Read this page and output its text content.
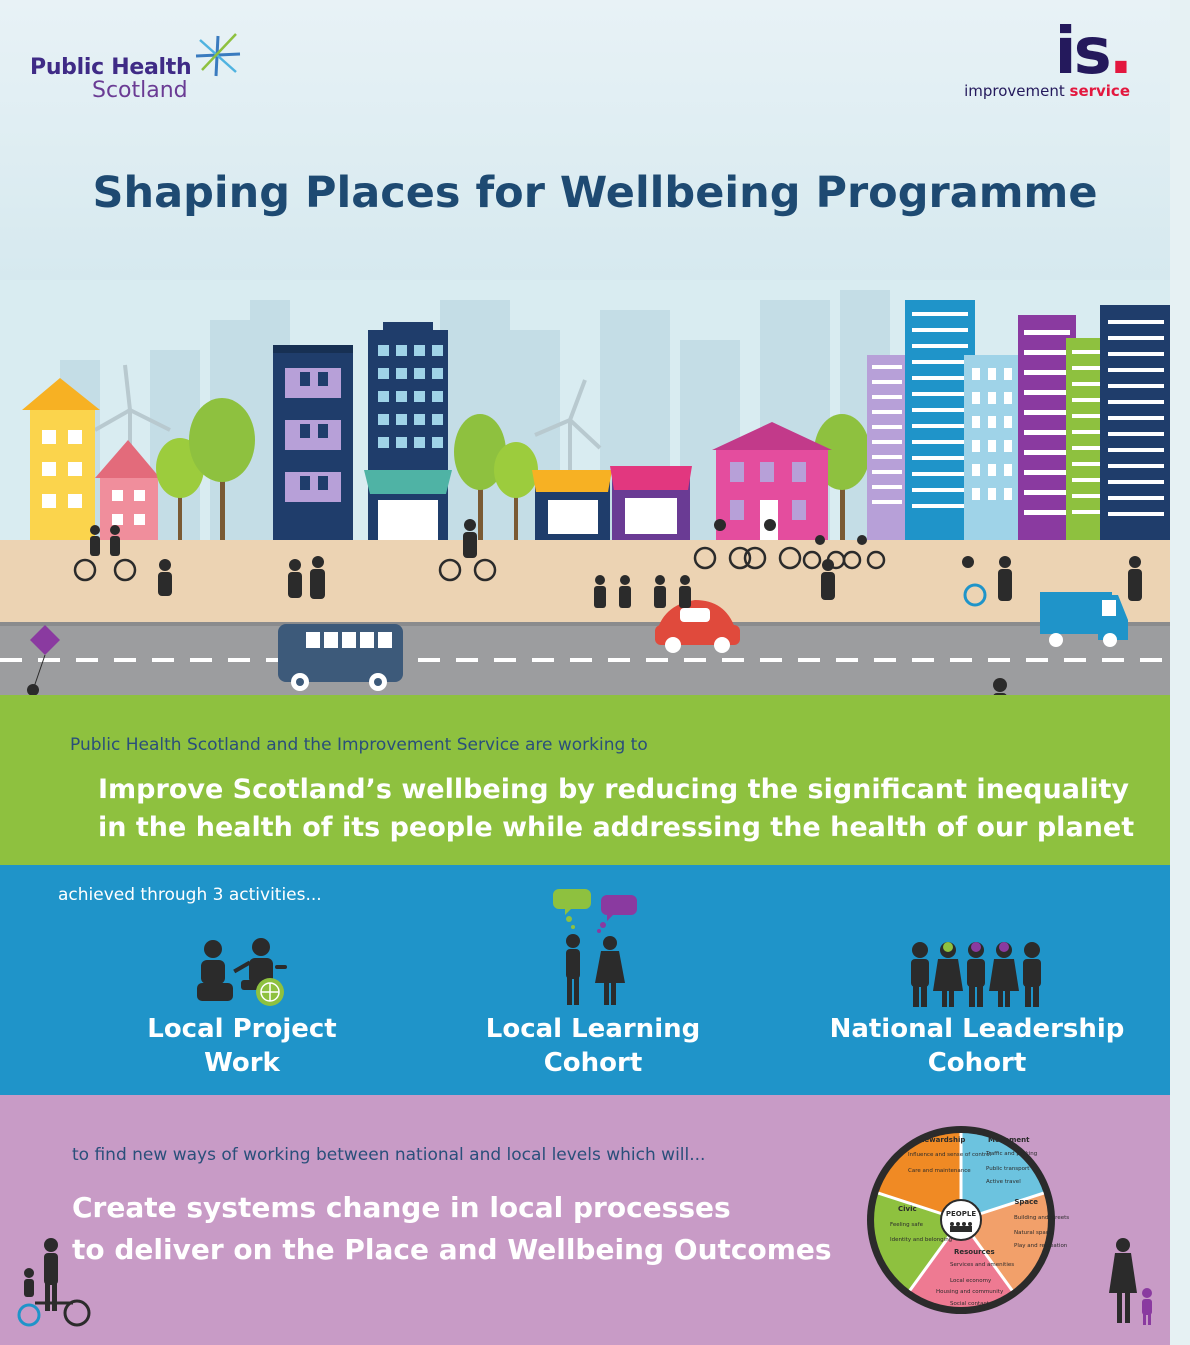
Public Health
Scotland
is.
improvement service
Shaping Places for Wellbeing Programme
Public Health Scotland and the Improvement Service are working to
Improve Scotland’s wellbeing by reducing the significant inequality
in the health of its people while addressing the health of our planet
achieved through 3 activities...
Local Project
Work
Local Learning
Cohort
National Leadership
Cohort
to find new ways of working between national and local levels which will...
Create systems change in local processes
to deliver on the Place and Wellbeing Outcomes
PEOPLE
Stewardship
Influence and sense of control
Care and maintenance
Movement
Traffic and parking
Public transport
Active travel
Space
Building and streets
Natural space
Play and recreation
Resources
Services and amenities
Local economy
Housing and community
Social contact
Civic
Feeling safe
Identity and belonging
